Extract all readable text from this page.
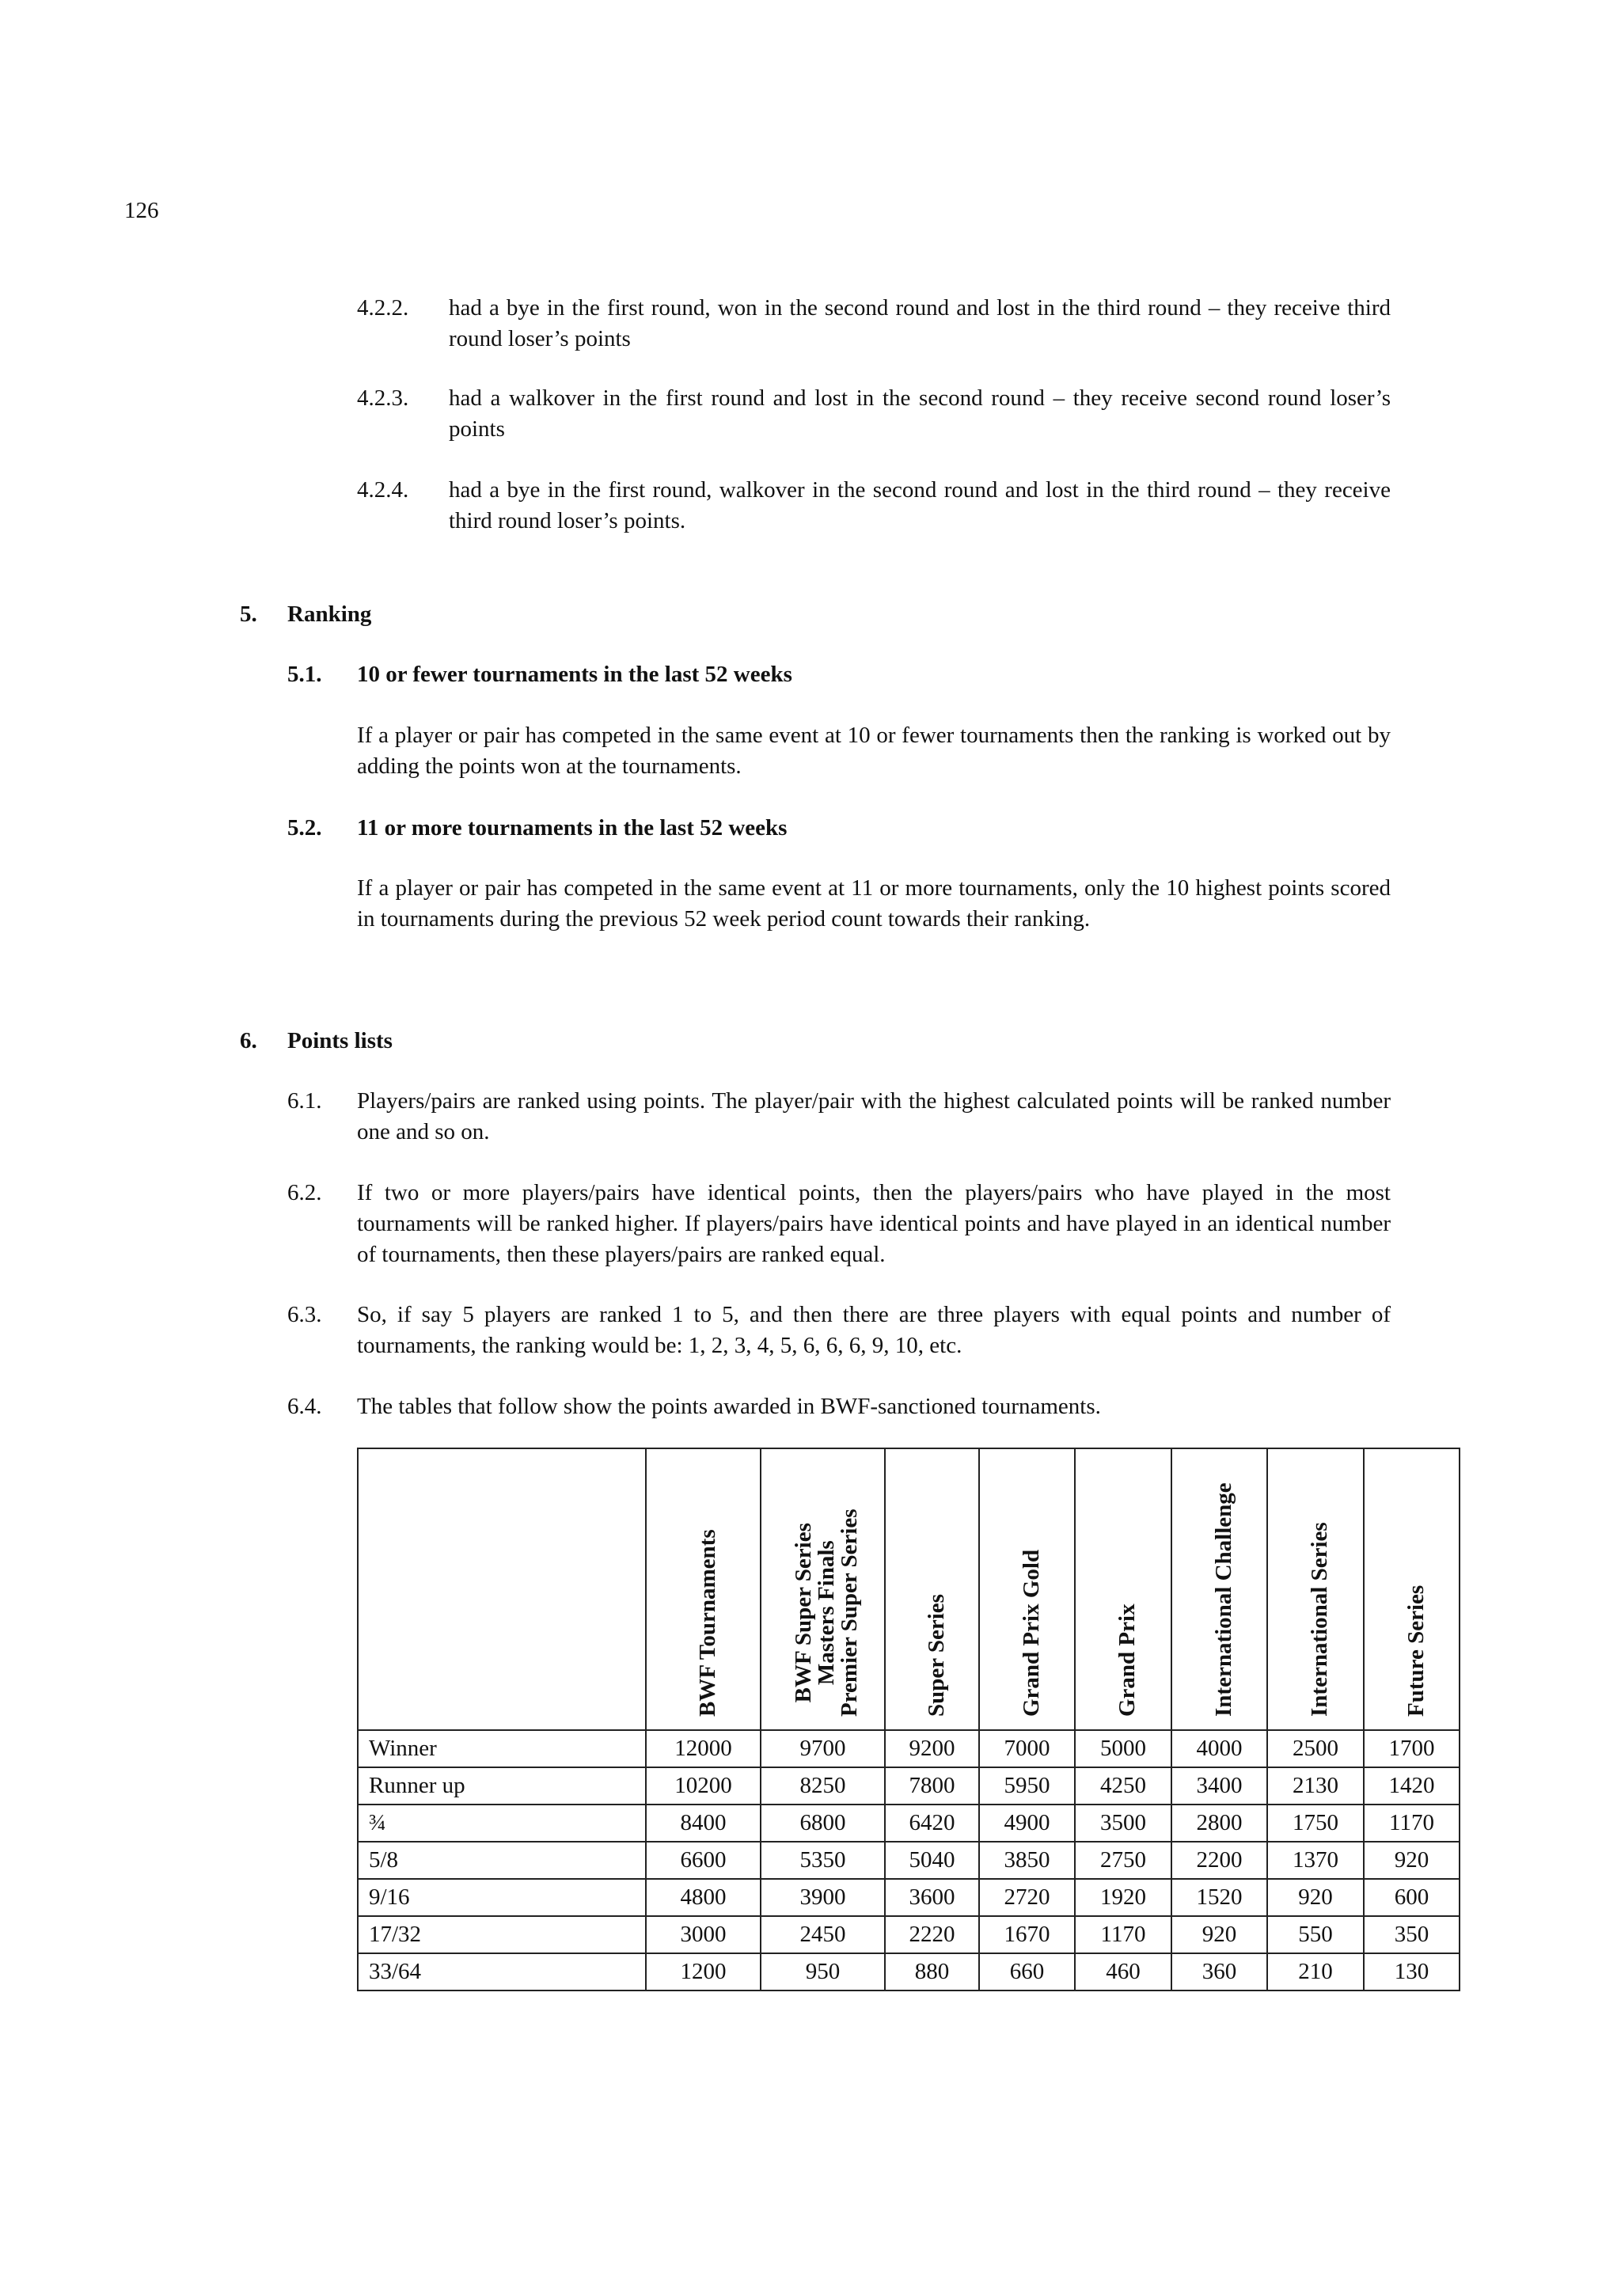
126
4.2.2.	had a bye in the first round, won in the second round and lost in the third round – they receive third round loser’s points
4.2.3.	had a walkover in the first round and lost in the second round – they receive second round loser’s points
4.2.4.	had a bye in the first round, walkover in the second round and lost in the third round – they receive third round loser’s points.
5. Ranking
5.1. 10 or fewer tournaments in the last 52 weeks
If a player or pair has competed in the same event at 10 or fewer tournaments then the ranking is worked out by adding the points won at the tournaments.
5.2. 11 or more tournaments in the last 52 weeks
If a player or pair has competed in the same event at 11 or more tournaments, only the 10 highest points scored in tournaments during the previous 52 week period count towards their ranking.
6. Points lists
6.1.	Players/pairs are ranked using points. The player/pair with the highest calculated points will be ranked number one and so on.
6.2.	If two or more players/pairs have identical points, then the players/pairs who have played in the most tournaments will be ranked higher. If players/pairs have identical points and have played in an identical number of tournaments, then these players/pairs are ranked equal.
6.3.	So, if say 5 players are ranked 1 to 5, and then there are three players with equal points and number of tournaments, the ranking would be: 1, 2, 3, 4, 5, 6, 6, 6, 9, 10, etc.
6.4.	The tables that follow show the points awarded in BWF-sanctioned tournaments.

	BWF Tournaments	BWF Super Series
Masters Finals
Premier Super Series	Super Series	Grand Prix Gold	Grand Prix	International Challenge	International Series	Future Series

Winner	12000	9700	9200	7000	5000	4000	2500	1700
Runner up	10200	8250	7800	5950	4250	3400	2130	1420
¾	8400	6800	6420	4900	3500	2800	1750	1170
5/8	6600	5350	5040	3850	2750	2200	1370	920
9/16	4800	3900	3600	2720	1920	1520	920	600
17/32	3000	2450	2220	1670	1170	920	550	350
33/64	1200	950	880	660	460	360	210	130
